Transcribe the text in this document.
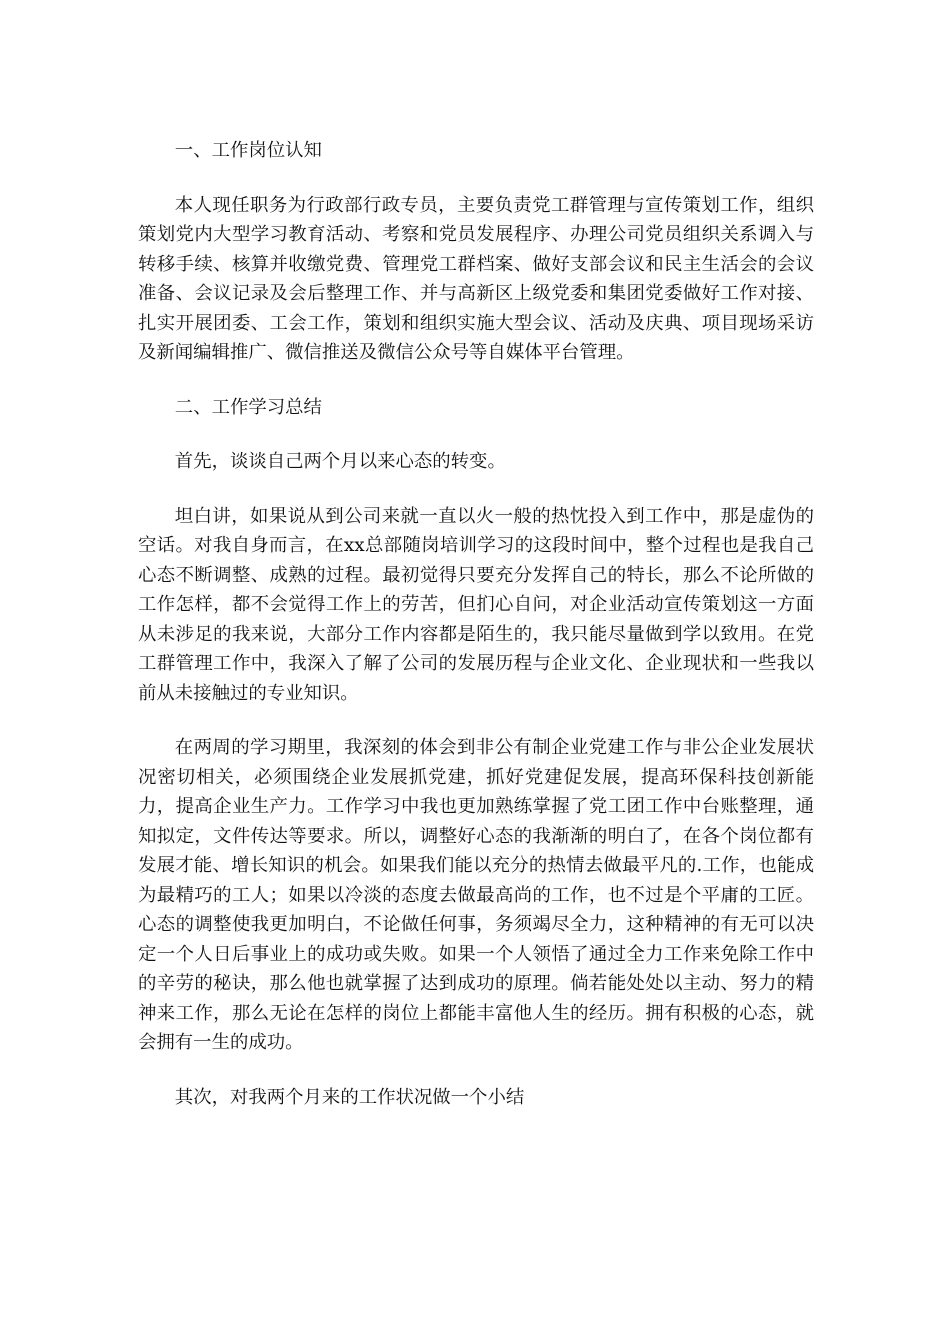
一、工作岗位认知

本人现任职务为行政部行政专员，主要负责党工群管理与宣传策划工作，组织策划党内大型学习教育活动、考察和党员发展程序、办理公司党员组织关系调入与转移手续、核算并收缴党费、管理党工群档案、做好支部会议和民主生活会的会议准备、会议记录及会后整理工作、并与高新区上级党委和集团党委做好工作对接、扎实开展团委、工会工作，策划和组织实施大型会议、活动及庆典、项目现场采访及新闻编辑推广、微信推送及微信公众号等自媒体平台管理。

二、工作学习总结

首先，谈谈自己两个月以来心态的转变。

坦白讲，如果说从到公司来就一直以火一般的热忱投入到工作中，那是虚伪的空话。对我自身而言，在xx总部随岗培训学习的这段时间中，整个过程也是我自己心态不断调整、成熟的过程。最初觉得只要充分发挥自己的特长，那么不论所做的工作怎样，都不会觉得工作上的劳苦，但扪心自问，对企业活动宣传策划这一方面从未涉足的我来说，大部分工作内容都是陌生的，我只能尽量做到学以致用。在党工群管理工作中，我深入了解了公司的发展历程与企业文化、企业现状和一些我以前从未接触过的专业知识。

在两周的学习期里，我深刻的体会到非公有制企业党建工作与非公企业发展状况密切相关，必须围绕企业发展抓党建，抓好党建促发展，提高环保科技创新能力，提高企业生产力。工作学习中我也更加熟练掌握了党工团工作中台账整理，通知拟定，文件传达等要求。所以，调整好心态的我渐渐的明白了，在各个岗位都有发展才能、增长知识的机会。如果我们能以充分的热情去做最平凡的.工作，也能成为最精巧的工人；如果以冷淡的态度去做最高尚的工作，也不过是个平庸的工匠。心态的调整使我更加明白，不论做任何事，务须竭尽全力，这种精神的有无可以决定一个人日后事业上的成功或失败。如果一个人领悟了通过全力工作来免除工作中的辛劳的秘诀，那么他也就掌握了达到成功的原理。倘若能处处以主动、努力的精神来工作，那么无论在怎样的岗位上都能丰富他人生的经历。拥有积极的心态，就会拥有一生的成功。

其次，对我两个月来的工作状况做一个小结
